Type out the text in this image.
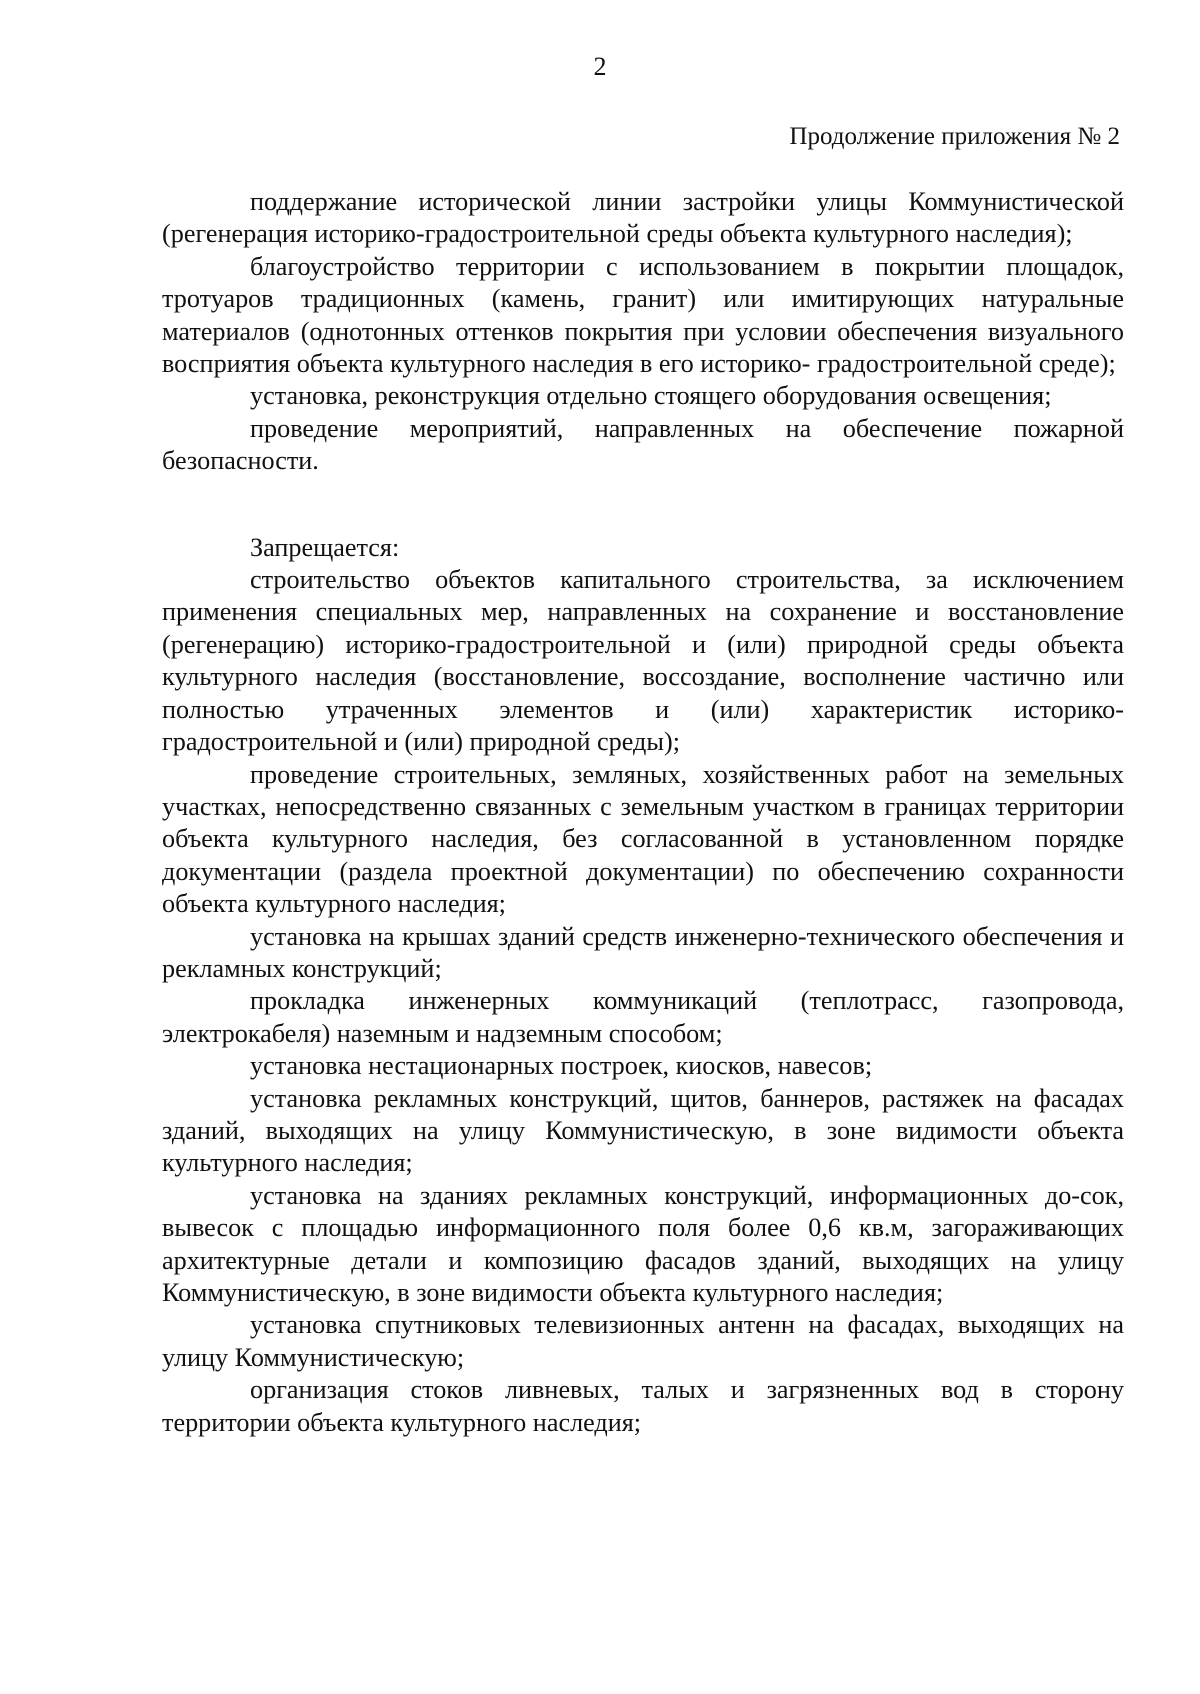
2
Продолжение приложения № 2

поддержание исторической линии застройки улицы Коммунистической (регенерация историко-градостроительной среды объекта культурного наследия);

благоустройство территории с использованием в покрытии площадок, тротуаров традиционных (камень, гранит) или имитирующих натуральные материалов (однотонных оттенков покрытия при условии обеспечения визуального восприятия объекта культурного наследия в его историко- градостроительной среде);

установка, реконструкция отдельно стоящего оборудования освещения;

проведение мероприятий, направленных на обеспечение пожарной безопасности.

Запрещается:

строительство объектов капитального строительства, за исключением применения специальных мер, направленных на сохранение и восстановление (регенерацию) историко-градостроительной и (или) природной среды объекта культурного наследия (восстановление, воссоздание, восполнение частично или полностью утраченных элементов и (или) характеристик историко-градостроительной и (или) природной среды);

проведение строительных, земляных, хозяйственных работ на земельных участках, непосредственно связанных с земельным участком в границах территории объекта культурного наследия, без согласованной в установленном порядке документации (раздела проектной документации) по обеспечению сохранности объекта культурного наследия;

установка на крышах зданий средств инженерно-технического обеспечения и рекламных конструкций;

прокладка инженерных коммуникаций (теплотрасс, газопровода, электрокабеля) наземным и надземным способом;

установка нестационарных построек, киосков, навесов;

установка рекламных конструкций, щитов, баннеров, растяжек на фасадах зданий, выходящих на улицу Коммунистическую, в зоне видимости объекта культурного наследия;

установка на зданиях рекламных конструкций, информационных до-сок, вывесок с площадью информационного поля более 0,6 кв.м, загораживающих архитектурные детали и композицию фасадов зданий, выходящих на улицу Коммунистическую, в зоне видимости объекта культурного наследия;

установка спутниковых телевизионных антенн на фасадах, выходящих на улицу Коммунистическую;

организация стоков ливневых, талых и загрязненных вод в сторону территории объекта культурного наследия;
